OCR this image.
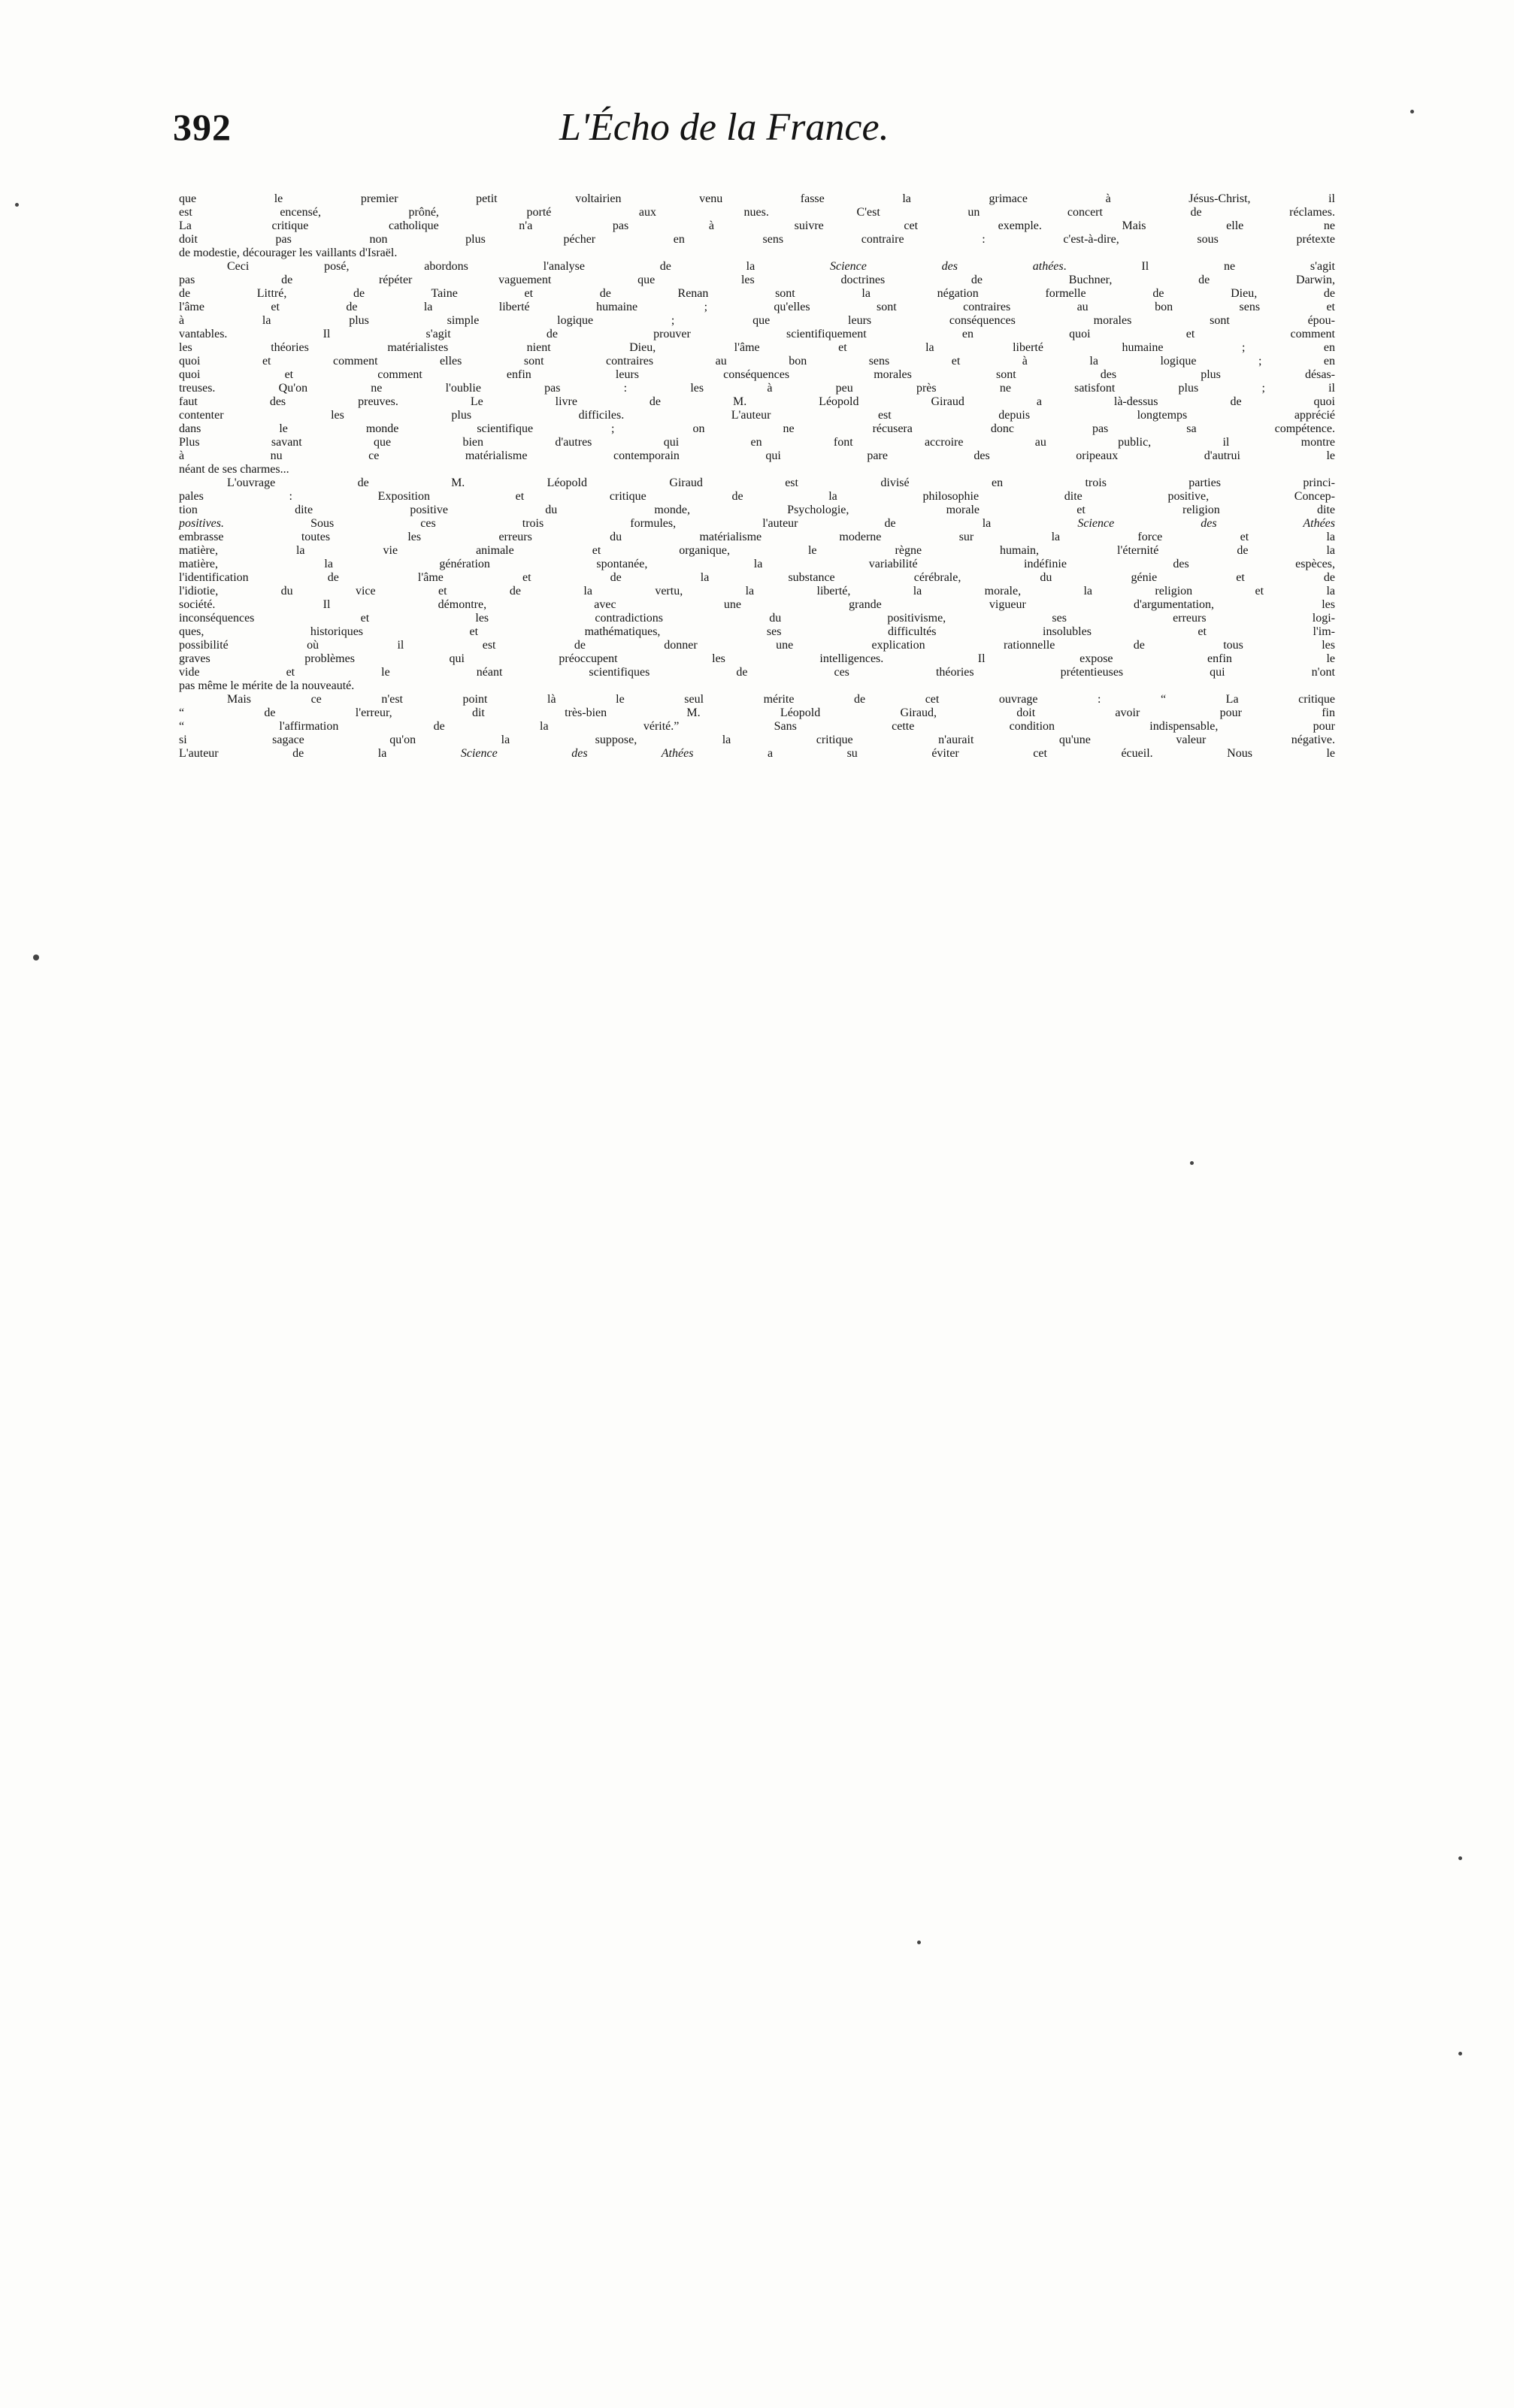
392	L'Écho de la France.
que le premier petit voltairien venu fasse la grimace à Jésus-Christ, il
est encensé, prôné, porté aux nues. C'est un concert de réclames.
La critique catholique n'a pas à suivre cet exemple. Mais elle ne
doit pas non plus pécher en sens contraire : c'est-à-dire, sous prétexte
de modestie, décourager les vaillants d'Israël.
Ceci posé, abordons l'analyse de la Science des athées. Il ne s'agit
pas de répéter vaguement que les doctrines de Buchner, de Darwin,
de Littré, de Taine et de Renan sont la négation formelle de Dieu, de
l'âme et de la liberté humaine ; qu'elles sont contraires au bon sens et
à la plus simple logique ; que leurs conséquences morales sont épou-
vantables. Il s'agit de prouver scientifiquement en quoi et comment
les théories matérialistes nient Dieu, l'âme et la liberté humaine ; en
quoi et comment elles sont contraires au bon sens et à la logique ; en
quoi et comment enfin leurs conséquences morales sont des plus désas-
treuses. Qu'on ne l'oublie pas : les à peu près ne satisfont plus ; il
faut des preuves. Le livre de M. Léopold Giraud a là-dessus de quoi
contenter les plus difficiles. L'auteur est depuis longtemps apprécié
dans le monde scientifique ; on ne récusera donc pas sa compétence.
Plus savant que bien d'autres qui en font accroire au public, il montre
à nu ce matérialisme contemporain qui pare des oripeaux d'autrui le
néant de ses charmes...
L'ouvrage de M. Léopold Giraud est divisé en trois parties princi-
pales : Exposition et critique de la philosophie dite positive, Concep-
tion dite positive du monde, Psychologie, morale et religion dite
positives. Sous ces trois formules, l'auteur de la Science des Athées
embrasse toutes les erreurs du matérialisme moderne sur la force et la
matière, la vie animale et organique, le règne humain, l'éternité de la
matière, la génération spontanée, la variabilité indéfinie des espèces,
l'identification de l'âme et de la substance cérébrale, du génie et de
l'idiotie, du vice et de la vertu, la liberté, la morale, la religion et la
société. Il démontre, avec une grande vigueur d'argumentation, les
inconséquences et les contradictions du positivisme, ses erreurs logi-
ques, historiques et mathématiques, ses difficultés insolubles et l'im-
possibilité où il est de donner une explication rationnelle de tous les
graves problèmes qui préoccupent les intelligences. Il expose enfin le
vide et le néant scientifiques de ces théories prétentieuses qui n'ont
pas même le mérite de la nouveauté.
Mais ce n'est point là le seul mérite de cet ouvrage : “ La critique
“ de l'erreur, dit très-bien M. Léopold Giraud, doit avoir pour fin
“ l'affirmation de la vérité.” Sans cette condition indispensable, pour
si sagace qu'on la suppose, la critique n'aurait qu'une valeur négative.
L'auteur de la Science des Athées a su éviter cet écueil. Nous le
